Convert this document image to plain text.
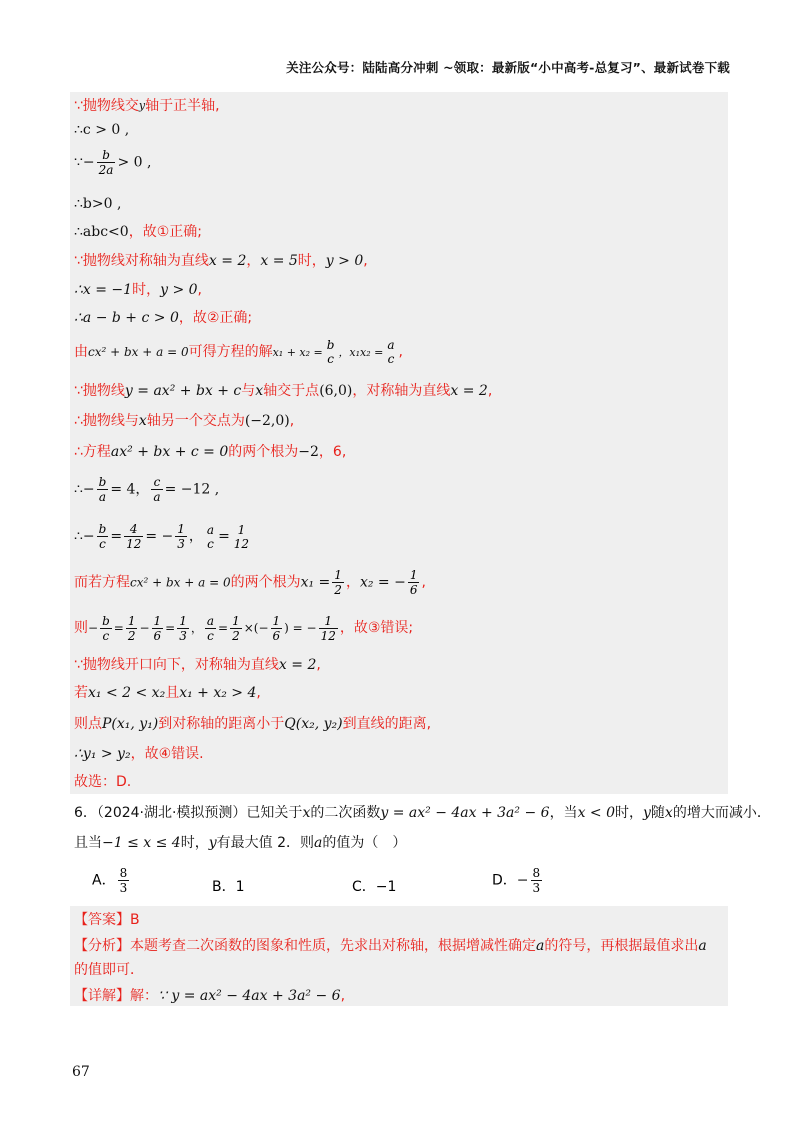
关注公众号：陆陆高分冲刺 ~领取：最新版“小中高考-总复习”、最新试卷下载
∵抛物线交$^y$轴于正半轴,
∴c > 0 ,
∵− $\frac{b}{2a} > 0$ ,
∴b>0 ,
∴abc<0，故①正确;
∵抛物线对称轴为直线x = 2，x = 5时，y > 0,
∴x = −1时，y > 0,
∴a − b + c > 0，故②正确;
由cx² + bx + a = 0可得方程的解x₁ + x₂ =
b
c ，x₁x₂ =
a
c ,
∵抛物线y = ax² + bx + c与x轴交于点(6,0)，对称轴为直线x = 2,
∴抛物线与x轴另一个交点为(−2,0),
∴方程ax² + bx + c = 0的两个根为−2，6,
∴− $\frac{b}{a} = 4$， $\frac{c}{a} = -12$ ,
∴− $\frac{b}{c} = \frac{4}{12}$ = − $\frac{1}{3}$ ， a
c = 1
12
而若方程cx² + bx + a = 0的两个根为$x_1 = \frac{1}{2}$ ，x₂ = − $\frac{1}{6}$ ,
则− $\frac{b}{c} = \frac{1}{2} - \frac{1}{6} = \frac{1}{3}$ ， $\frac{a}{c} = \frac{1}{2}$ ×(− $\frac{1}{6}$ ) = − $\frac{1}{12}$ ，故③错误;
∵抛物线开口向下，对称轴为直线x = 2,
若x₁ < 2 < x₂且x₁ + x₂ > 4,
则点P(x₁, y₁)到对称轴的距离小于Q(x₂, y₂)到直线的距离,
∴y₁ > y₂，故④错误.
故选：D.
6．（2024·湖北·模拟预测）已知关于x的二次函数y = ax² − 4ax + 3a² − 6，当x < 0时，y随x的增大而减小．
且当−1 ≤ x ≤ 4时，y有最大值 2．则a的值为（　）
A． $\frac{8}{3}$	B．1	C．−1	D．− $\frac{8}{3}$
【答案】B
【分析】本题考查二次函数的图象和性质，先求出对称轴，根据增减性确定a的符号，再根据最值求出a
的值即可．
【详解】解：∵ y = ax² − 4ax + 3a² − 6,
67
